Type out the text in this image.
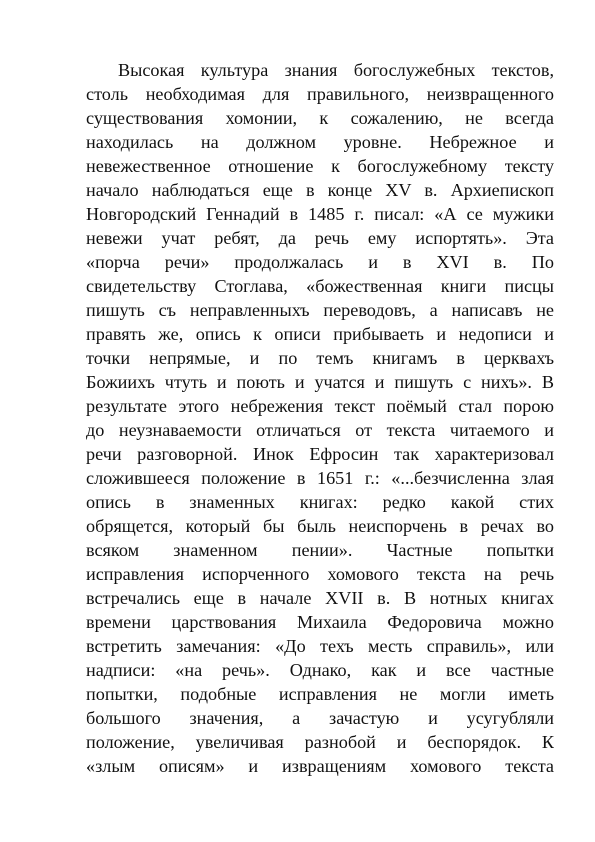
Высокая культура знания богослужебных текстов,
столь необходимая для правильного, неизвращенного
существования хомонии, к сожалению, не всегда
находилась на должном уровне. Небрежное и
невежественное отношение к богослужебному тексту
начало наблюдаться еще в конце XV в. Архиепископ
Новгородский Геннадий в 1485 г. писал: «А се мужики
невежи учат ребят, да речь ему испортять». Эта
«порча речи» продолжалась и в XVI в. По
свидетельству Стоглава, «божественная книги писцы
пишуть съ неправленныхъ переводовъ, а написавъ не
правять же, опись к описи прибываеть и недописи и
точки непрямые, и по темъ книгамъ в церквахъ
Божиихъ чтуть и поють и учатся и пишуть с нихъ». В
результате этого небрежения текст поёмый стал порою
до неузнаваемости отличаться от текста читаемого и
речи разговорной. Инок Ефросин так характеризовал
сложившееся положение в 1651 г.: «...безчисленна злая
опись в знаменных книгах: редко какой стих
обрящется, который бы быль неиспорчень в речах во
всяком знаменном пении». Частные попытки
исправления испорченного хомового текста на речь
встречались еще в начале XVII в. В нотных книгах
времени царствования Михаила Федоровича можно
встретить замечания: «До техъ месть справиль», или
надписи: «на речь». Однако, как и все частные
попытки, подобные исправления не могли иметь
большого значения, а зачастую и усугубляли
положение, увеличивая разнобой и беспорядок. К
«злым описям» и извращениям хомового текста
